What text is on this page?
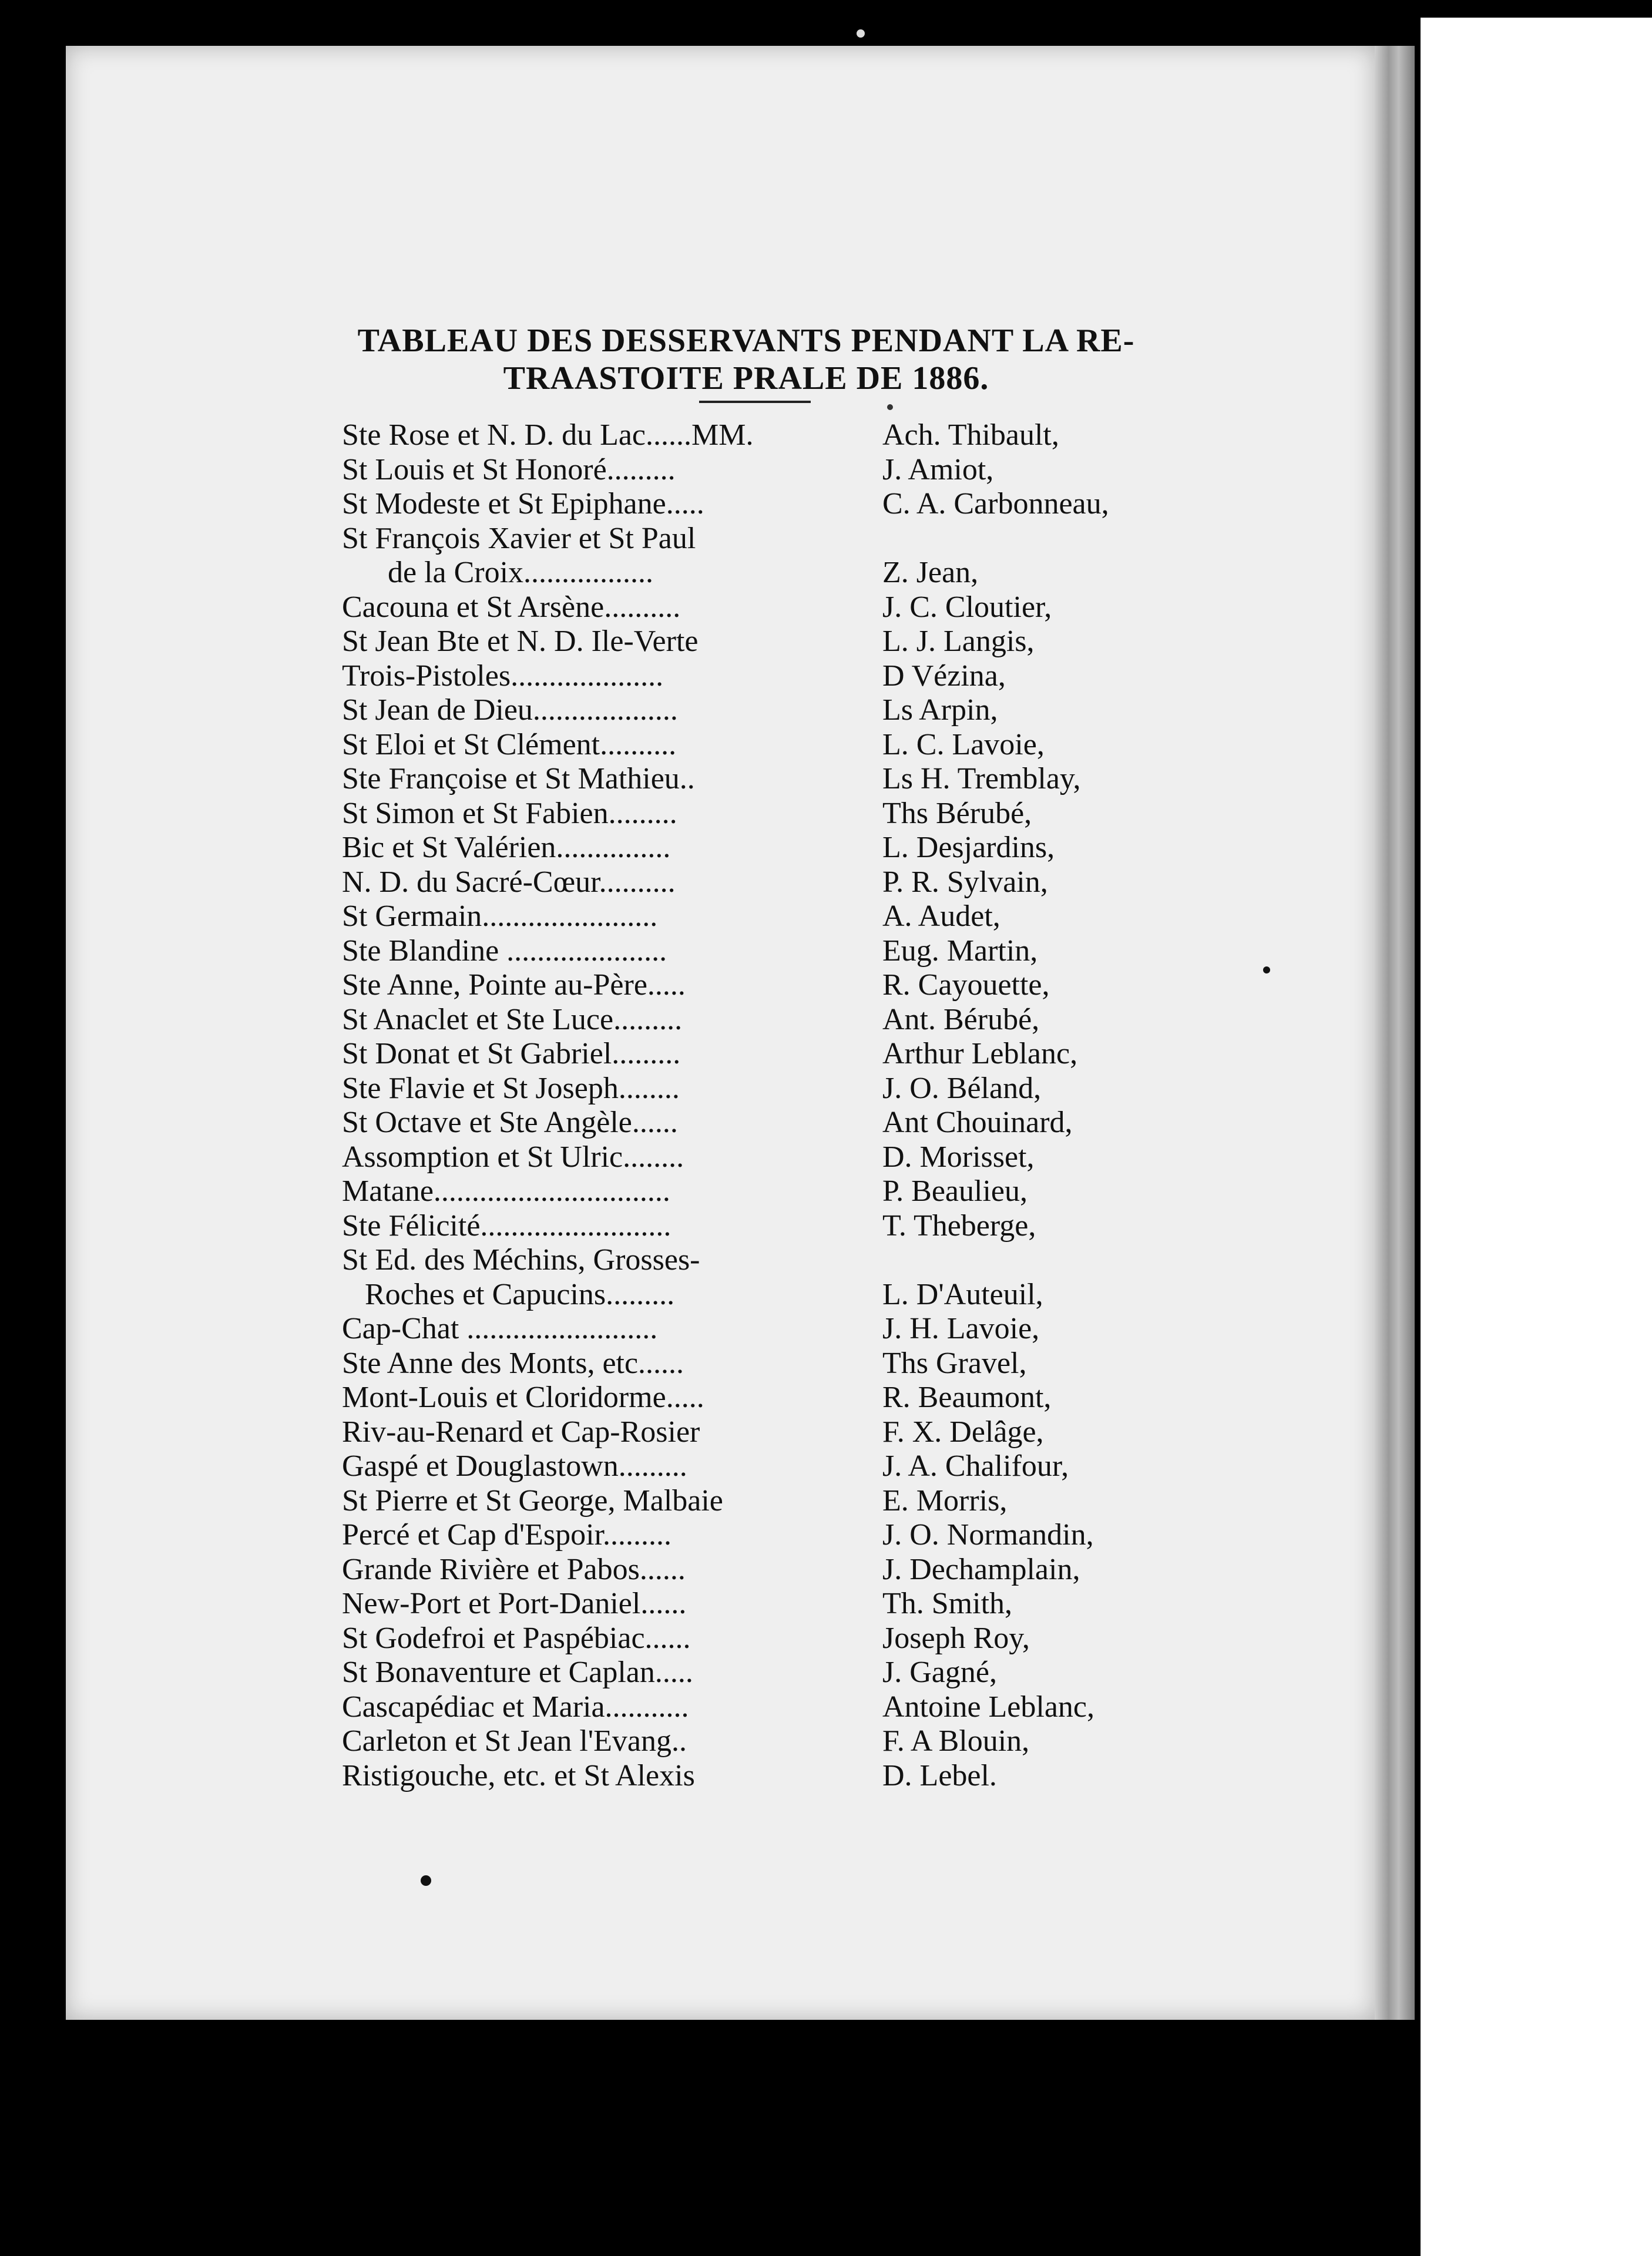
TABLEAU DES DESSERVANTS PENDANT LA RE-
TRAASTOITE PRALE DE 1886.
Ste Rose et N. D. du Lac......MM.	Ach. Thibault,
St Louis et St Honoré.........	J. Amiot,
St Modeste et St Epiphane.....	C. A. Carbonneau,
St François Xavier et St Paul
de la Croix.................	Z. Jean,
Cacouna et St Arsène..........	J. C. Cloutier,
St Jean Bte et N. D. Ile-Verte	L. J. Langis,
Trois-Pistoles....................	D Vézina,
St Jean de Dieu...................	Ls Arpin,
St Eloi et St Clément..........	L. C. Lavoie,
Ste Françoise et St Mathieu..	Ls H. Tremblay,
St Simon et St Fabien.........	Ths Bérubé,
Bic et St Valérien...............	L. Desjardins,
N. D. du Sacré-Cœur..........	P. R. Sylvain,
St Germain.......................	A. Audet,
Ste Blandine .....................	Eug. Martin,
Ste Anne, Pointe au-Père.....	R. Cayouette,
St Anaclet et Ste Luce.........	Ant. Bérubé,
St Donat et St Gabriel.........	Arthur Leblanc,
Ste Flavie et St Joseph........	J. O. Béland,
St Octave et Ste Angèle......	Ant Chouinard,
Assomption et St Ulric........	D. Morisset,
Matane...............................	P. Beaulieu,
Ste Félicité.........................	T. Theberge,
St Ed. des Méchins, Grosses-
Roches et Capucins.........	L. D'Auteuil,
Cap-Chat .........................	J. H. Lavoie,
Ste Anne des Monts, etc......	Ths Gravel,
Mont-Louis et Cloridorme.....	R. Beaumont,
Riv-au-Renard et Cap-Rosier	F. X. Delâge,
Gaspé et Douglastown.........	J. A. Chalifour,
St Pierre et St George, Malbaie	E. Morris,
Percé et Cap d'Espoir.........	J. O. Normandin,
Grande Rivière et Pabos......	J. Dechamplain,
New-Port et Port-Daniel......	Th. Smith,
St Godefroi et Paspébiac......	Joseph Roy,
St Bonaventure et Caplan.....	J. Gagné,
Cascapédiac et Maria...........	Antoine Leblanc,
Carleton et St Jean l'Evang..	F. A Blouin,
Ristigouche, etc. et St Alexis	D. Lebel.
